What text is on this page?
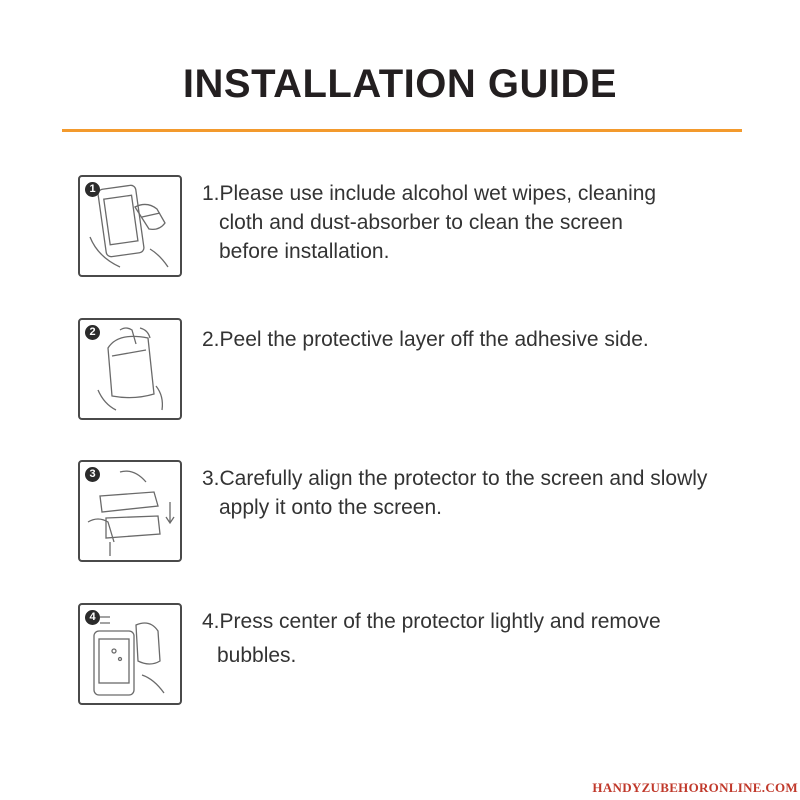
INSTALLATION GUIDE
1	1.Please use include alcohol wet wipes, cleaning
cloth and dust-absorber to clean the screen
before installation.
2	2.Peel the protective layer off the adhesive side.
3	3.Carefully align the protector to the screen and slowly
apply it onto the screen.
4	4.Press center of the protector lightly and remove
bubbles.
HANDYZUBEHORONLINE.COM
